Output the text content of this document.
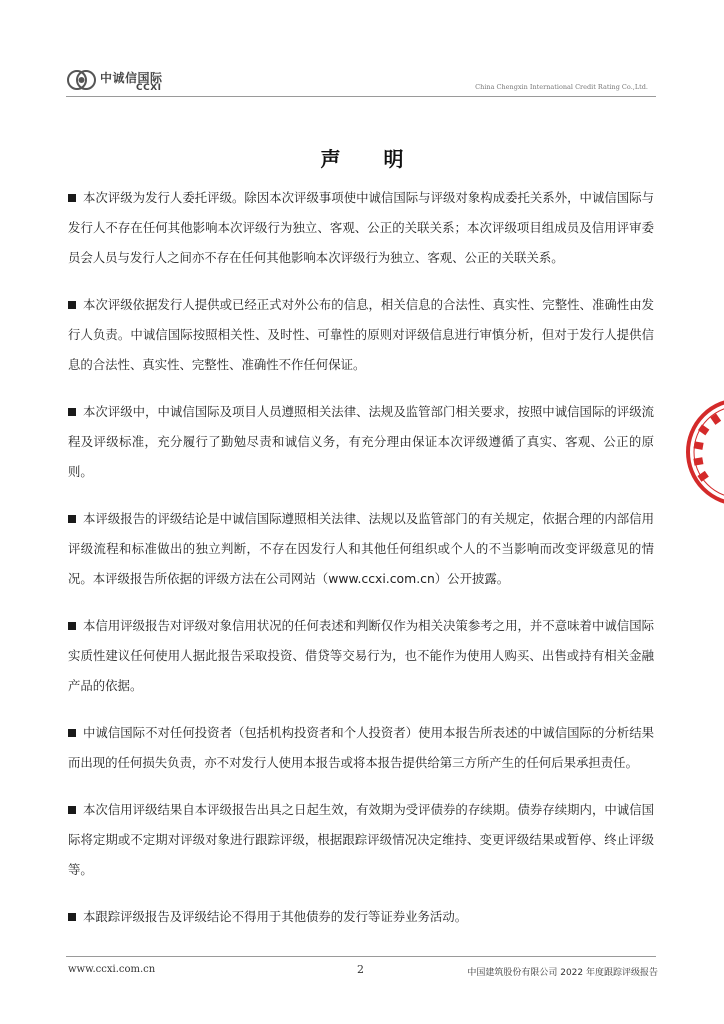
中诚信国际
CCXI	China Chengxin International Credit Rating Co.,Ltd.
声 明

本次评级为发行人委托评级。除因本次评级事项使中诚信国际与评级对象构成委托关系外，中诚信国际与发行人不存在任何其他影响本次评级行为独立、客观、公正的关联关系；本次评级项目组成员及信用评审委员会人员与发行人之间亦不存在任何其他影响本次评级行为独立、客观、公正的关联关系。

本次评级依据发行人提供或已经正式对外公布的信息，相关信息的合法性、真实性、完整性、准确性由发行人负责。中诚信国际按照相关性、及时性、可靠性的原则对评级信息进行审慎分析，但对于发行人提供信息的合法性、真实性、完整性、准确性不作任何保证。

本次评级中，中诚信国际及项目人员遵照相关法律、法规及监管部门相关要求，按照中诚信国际的评级流程及评级标准，充分履行了勤勉尽责和诚信义务，有充分理由保证本次评级遵循了真实、客观、公正的原则。

本评级报告的评级结论是中诚信国际遵照相关法律、法规以及监管部门的有关规定，依据合理的内部信用评级流程和标准做出的独立判断，不存在因发行人和其他任何组织或个人的不当影响而改变评级意见的情况。本评级报告所依据的评级方法在公司网站（www.ccxi.com.cn）公开披露。

本信用评级报告对评级对象信用状况的任何表述和判断仅作为相关决策参考之用，并不意味着中诚信国际实质性建议任何使用人据此报告采取投资、借贷等交易行为，也不能作为使用人购买、出售或持有相关金融产品的依据。

中诚信国际不对任何投资者（包括机构投资者和个人投资者）使用本报告所表述的中诚信国际的分析结果而出现的任何损失负责，亦不对发行人使用本报告或将本报告提供给第三方所产生的任何后果承担责任。

本次信用评级结果自本评级报告出具之日起生效，有效期为受评债券的存续期。债券存续期内，中诚信国际将定期或不定期对评级对象进行跟踪评级，根据跟踪评级情况决定维持、变更评级结果或暂停、终止评级等。

本跟踪评级报告及评级结论不得用于其他债券的发行等证券业务活动。

www.ccxi.com.cn	2	中国建筑股份有限公司 2022 年度跟踪评级报告
